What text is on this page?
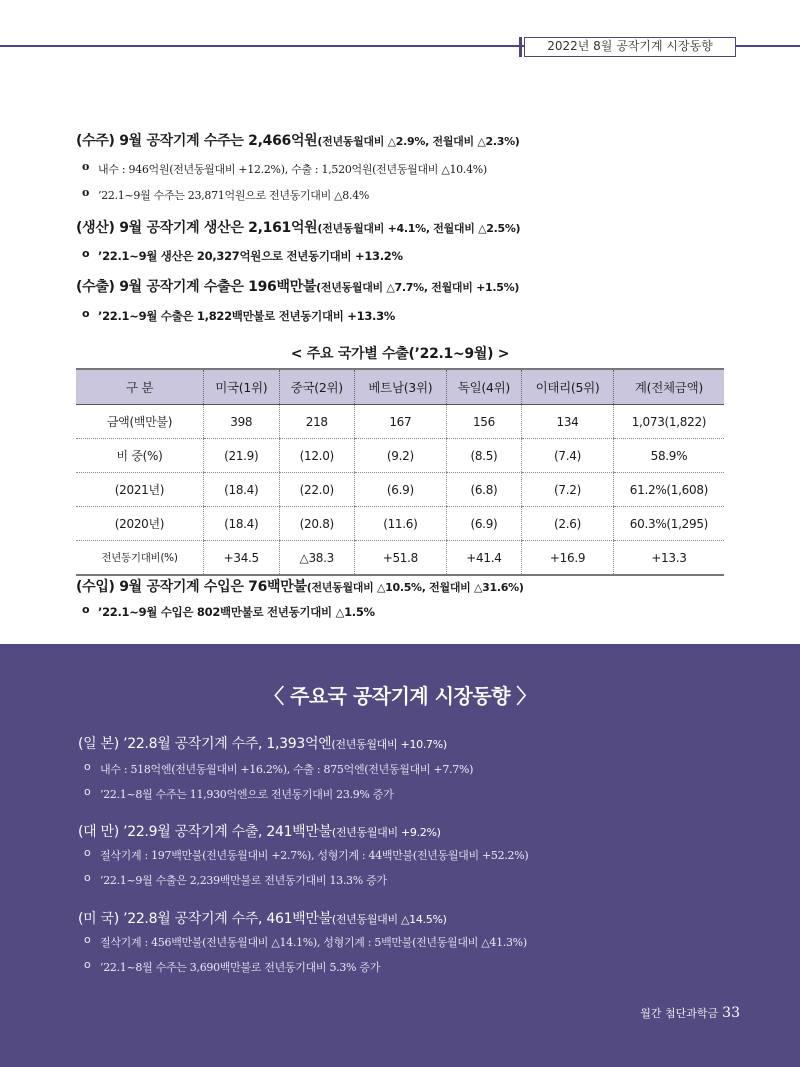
2022년 8월 공작기계 시장동향
(수주) 9월 공작기계 수주는 2,466억원(전년동월대비 △2.9%, 전월대비 △2.3%)
o 내수 : 946억원(전년동월대비 +12.2%), 수출 : 1,520억원(전년동월대비 △10.4%)
o ’22.1~9월 수주는 23,871억원으로 전년동기대비 △8.4%
(생산) 9월 공작기계 생산은 2,161억원(전년동월대비 +4.1%, 전월대비 △2.5%)
o ’22.1~9월 생산은 20,327억원으로 전년동기대비 +13.2%
(수출) 9월 공작기계 수출은 196백만불(전년동월대비 △7.7%, 전월대비 +1.5%)
o ’22.1~9월 수출은 1,822백만불로 전년동기대비 +13.3%
< 주요 국가별 수출(’22.1~9월) >
구 분	미국(1위)	중국(2위)	베트남(3위)	독일(4위)	이태리(5위)	계(전체금액)
금액(백만불)	398	218	167	156	134	1,073(1,822)
비 중(%)	(21.9)	(12.0)	(9.2)	(8.5)	(7.4)	58.9%
(2021년)	(18.4)	(22.0)	(6.9)	(6.8)	(7.2)	61.2%(1,608)
(2020년)	(18.4)	(20.8)	(11.6)	(6.9)	(2.6)	60.3%(1,295)
전년동기대비(%)	+34.5	△38.3	+51.8	+41.4	+16.9	+13.3
(수입) 9월 공작기계 수입은 76백만불(전년동월대비 △10.5%, 전월대비 △31.6%)
o ’22.1~9월 수입은 802백만불로 전년동기대비 △1.5%
〈 주요국 공작기계 시장동향 〉
(일 본) ’22.8월 공작기계 수주, 1,393억엔(전년동월대비 +10.7%)
o 내수 : 518억엔(전년동월대비 +16.2%), 수출 : 875억엔(전년동월대비 +7.7%)
o ’22.1~8월 수주는 11,930억엔으로 전년동기대비 23.9% 증가
(대 만) ’22.9월 공작기계 수출, 241백만불(전년동월대비 +9.2%)
o 절삭기계 : 197백만불(전년동월대비 +2.7%), 성형기계 : 44백만불(전년동월대비 +52.2%)
o ’22.1~9월 수출은 2,239백만불로 전년동기대비 13.3% 증가
(미 국) ’22.8월 공작기계 수주, 461백만불(전년동월대비 △14.5%)
o 절삭기계 : 456백만불(전년동월대비 △14.1%), 성형기계 : 5백만불(전년동월대비 △41.3%)
o ’22.1~8월 수주는 3,690백만불로 전년동기대비 5.3% 증가
월간 첨단과학금 33
